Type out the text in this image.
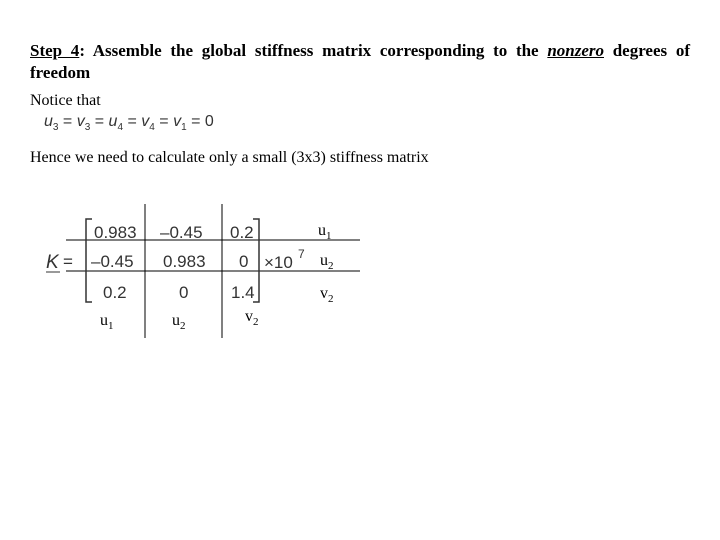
Step 4: Assemble the global stiffness matrix corresponding to the nonzero degrees of freedom
Notice that
$u_3 = v_3 = u_4 = v_4 = v_1 = 0$
Hence we need to calculate only a small (3x3) stiffness matrix
K =
0.983 –0.45 0.2
–0.45 0.983 0
0.2	0	1.4
×10 7
$u_1$
$u_2$
$v_2$
$u_1$	$u_2$
$v_2$
